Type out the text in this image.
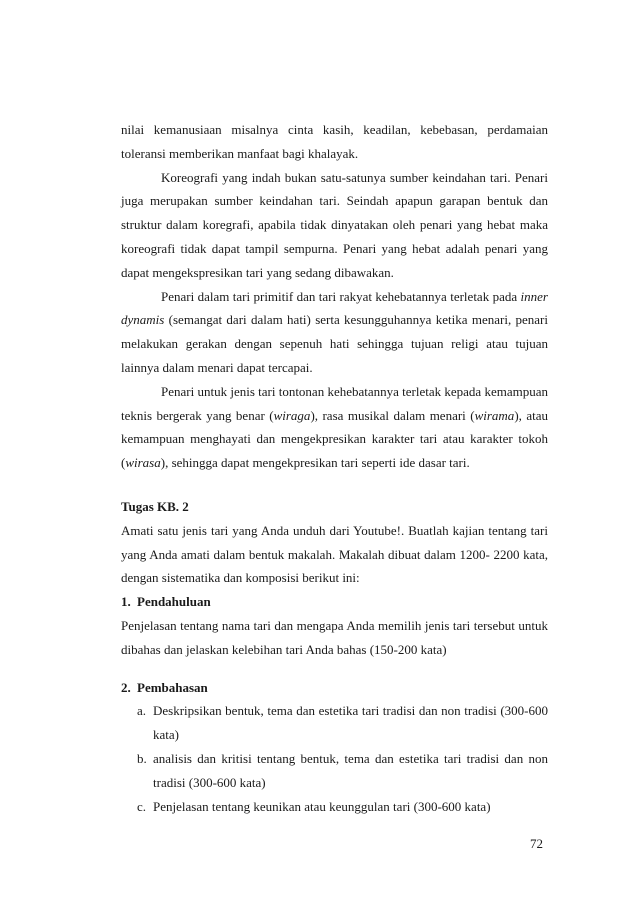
nilai kemanusiaan misalnya cinta kasih, keadilan, kebebasan, perdamaian toleransi memberikan manfaat bagi khalayak.

Koreografi yang indah bukan satu-satunya sumber keindahan tari. Penari juga merupakan sumber keindahan tari. Seindah apapun garapan bentuk dan struktur dalam koregrafi, apabila tidak dinyatakan oleh penari yang hebat maka koreografi tidak dapat tampil sempurna. Penari yang hebat adalah penari yang dapat mengekspresikan tari yang sedang dibawakan.

Penari dalam tari primitif dan tari rakyat kehebatannya terletak pada inner dynamis (semangat dari dalam hati) serta kesungguhannya ketika menari, penari melakukan gerakan dengan sepenuh hati sehingga tujuan religi atau tujuan lainnya dalam menari dapat tercapai.

Penari untuk jenis tari tontonan kehebatannya terletak kepada kemampuan teknis bergerak yang benar (wiraga), rasa musikal dalam menari (wirama), atau kemampuan menghayati dan mengekpresikan karakter tari atau karakter tokoh (wirasa), sehingga dapat mengekpresikan tari seperti ide dasar tari.

Tugas KB. 2

Amati satu jenis tari yang Anda unduh dari Youtube!. Buatlah kajian tentang tari yang Anda amati dalam bentuk makalah. Makalah dibuat dalam 1200- 2200 kata, dengan sistematika dan komposisi berikut ini:

1. Pendahuluan

Penjelasan tentang nama tari dan mengapa Anda memilih jenis tari tersebut untuk dibahas dan jelaskan kelebihan tari Anda bahas (150-200 kata)

2. Pembahasan
a. Deskripsikan bentuk, tema dan estetika tari tradisi dan non tradisi (300-600 kata)
b. analisis dan kritisi tentang bentuk, tema dan estetika tari tradisi dan non tradisi (300-600 kata)
c. Penjelasan tentang keunikan atau keunggulan tari (300-600 kata)
72
